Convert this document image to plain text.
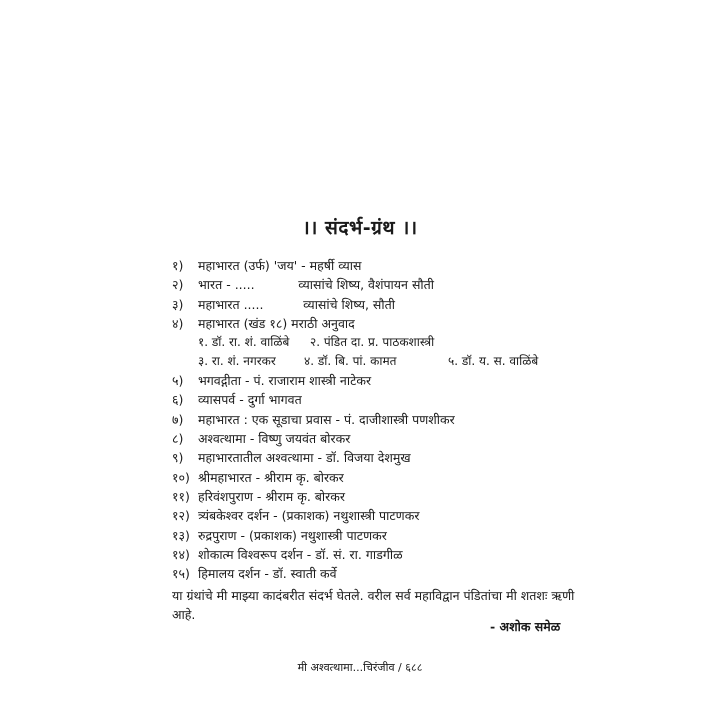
।। संदर्भ-ग्रंथ ।।
१) महाभारत (उर्फ) 'जय' - महर्षी व्यास
२) भारत - .....           व्यासांचे शिष्य, वैशंपायन सौती
३) महाभारत .....          व्यासांचे शिष्य, सौती
४) महाभारत (खंड १८) मराठी अनुवाद
१. डॉ. रा. शं. वाळिंबे २. पंडित दा. प्र. पाठकशास्त्री
३. रा. शं. नगरकर ४. डॉ. बि. पां. कामत	५. डॉ. य. स. वाळिंबे
५) भगवद्गीता - पं. राजाराम शास्त्री नाटेकर
६) व्यासपर्व - दुर्गा भागवत
७) महाभारत : एक सूडाचा प्रवास - पं. दाजीशास्त्री पणशीकर
८) अश्वत्थामा - विष्णु जयवंत बोरकर
९) महाभारतातील अश्वत्थामा - डॉ. विजया देशमुख
१०) श्रीमहाभारत - श्रीराम कृ. बोरकर
११) हरिवंशपुराण - श्रीराम कृ. बोरकर
१२) त्र्यंबकेश्वर दर्शन - (प्रकाशक) नथुशास्त्री पाटणकर
१३) रुद्रपुराण - (प्रकाशक) नथुशास्त्री पाटणकर
१४) शोकात्म विश्वरूप दर्शन - डॉ. सं. रा. गाडगीळ
१५) हिमालय दर्शन - डॉ. स्वाती कर्वे
या ग्रंथांचे मी माझ्या कादंबरीत संदर्भ घेतले. वरील सर्व महाविद्वान पंडितांचा मी शतशः ऋणी
आहे.
- अशोक समेळ
मी अश्वत्थामा...चिरंजीव / ६८८
